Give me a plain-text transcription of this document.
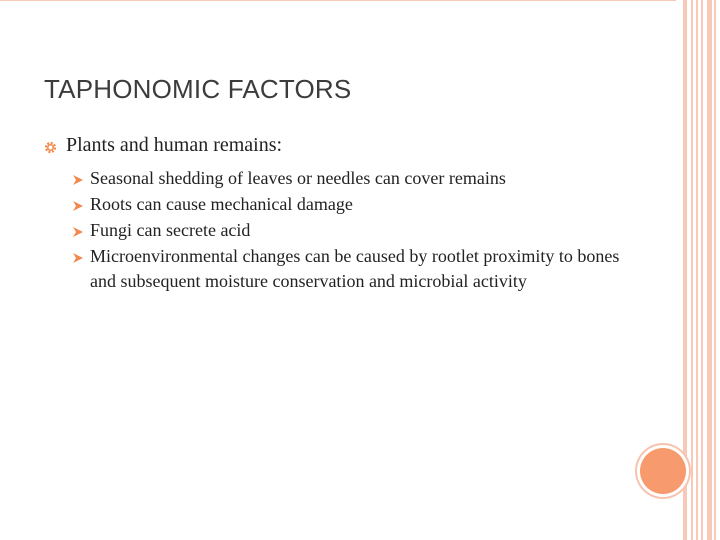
TAPHONOMIC FACTORS
Plants and human remains:
Seasonal shedding of leaves or needles can cover remains
Roots can cause mechanical damage
Fungi can secrete acid
Microenvironmental changes can be caused by rootlet proximity to bones and subsequent moisture conservation and microbial activity
